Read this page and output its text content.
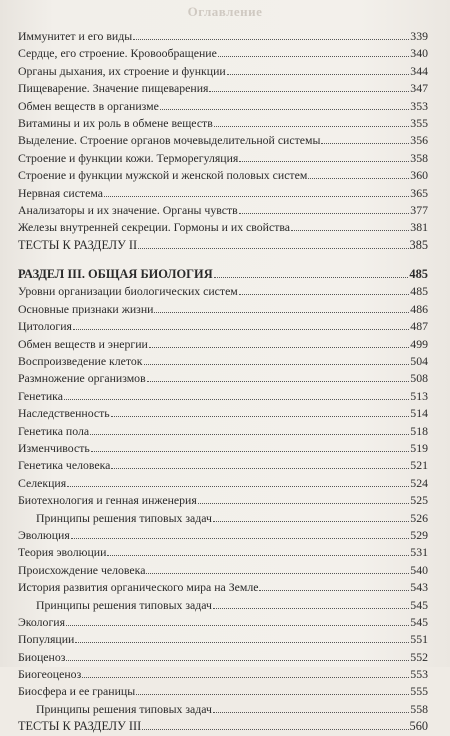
Оглавление
Иммунитет и его виды	339
Сердце, его строение. Кровообращение	340
Органы дыхания, их строение и функции	344
Пищеварение. Значение пищеварения	347
Обмен веществ в организме	353
Витамины и их роль в обмене веществ	355
Выделение. Строение органов мочевыделительной системы	356
Строение и функции кожи. Терморегуляция	358
Строение и функции мужской и женской половых систем	360
Нервная система	365
Анализаторы и их значение. Органы чувств	377
Железы внутренней секреции. Гормоны и их свойства	381
ТЕСТЫ К РАЗДЕЛУ II	385
РАЗДЕЛ III. ОБЩАЯ БИОЛОГИЯ	485
Уровни организации биологических систем	485
Основные признаки жизни	486
Цитология	487
Обмен веществ и энергии	499
Воспроизведение клеток	504
Размножение организмов	508
Генетика	513
Наследственность	514
Генетика пола	518
Изменчивость	519
Генетика человека	521
Селекция	524
Биотехнология и генная инженерия	525
Принципы решения типовых задач	526
Эволюция	529
Теория эволюции	531
Происхождение человека	540
История развития органического мира на Земле	543
Принципы решения типовых задач	545
Экология	545
Популяции	551
Биоценоз	552
Биогеоценоз	553
Биосфера и ее границы	555
Принципы решения типовых задач	558
ТЕСТЫ К РАЗДЕЛУ III	560
